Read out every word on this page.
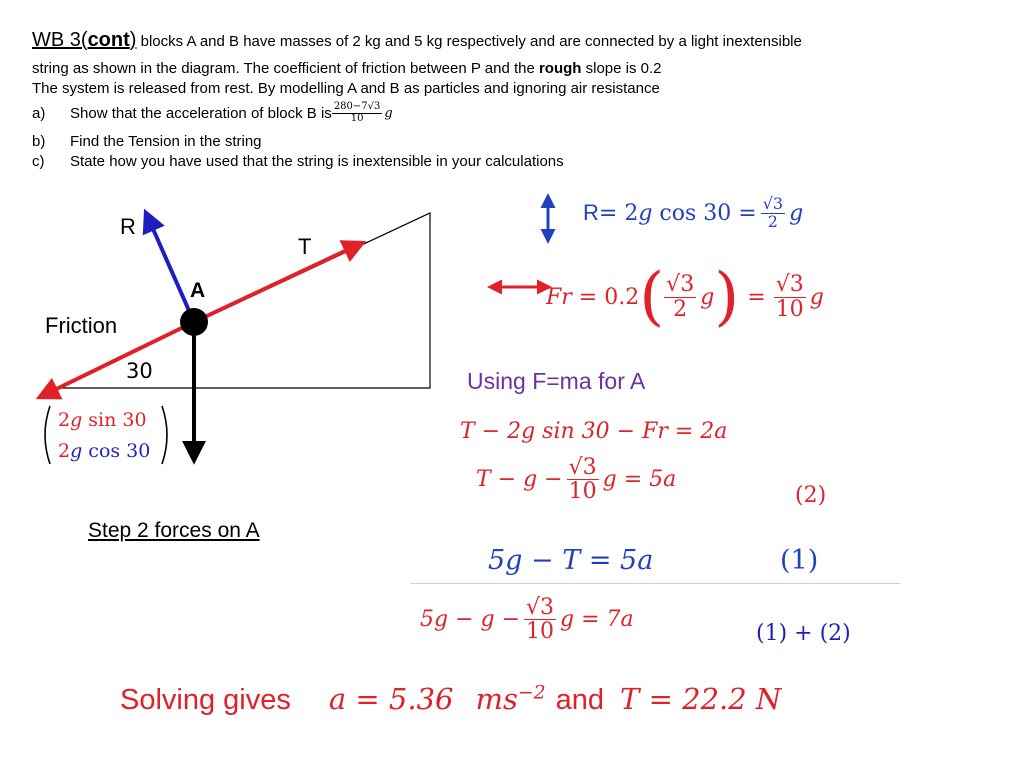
WB 3(cont) blocks A and B have masses of 2 kg and 5 kg respectively and are connected by a light inextensible
string as shown in the diagram. The coefficient of friction between P and the rough slope is 0.2
The system is released from rest. By modelling A and B as particles and ignoring air resistance
a)	Show that the acceleration of block B is $\frac{280-7√3}{10}$ g
b) Find the Tension in the string
c) State how you have used that the string is inextensible in your calculations
R
T
A
Friction
30
2g sin 30
2g cos 30
Step 2 forces on A
R = 2 g $\cos 30 = \frac{√3}{2}$ g
Fr = 0.2 ( $\frac{√3}{2}$ g ) = $\frac{√3}{10}$ g
Using F=ma for A
T − 2g sin 30 − Fr = 2a
$T - g - \frac{√3}{10}$ g = 5a
(2)
5g − T = 5a	(1)
$5g - g - \frac{√3}{10}$ g = 7a
(1) + (2)
Solving gives a = 5.36 $ms^{-2}$ and T = 22.2 N
